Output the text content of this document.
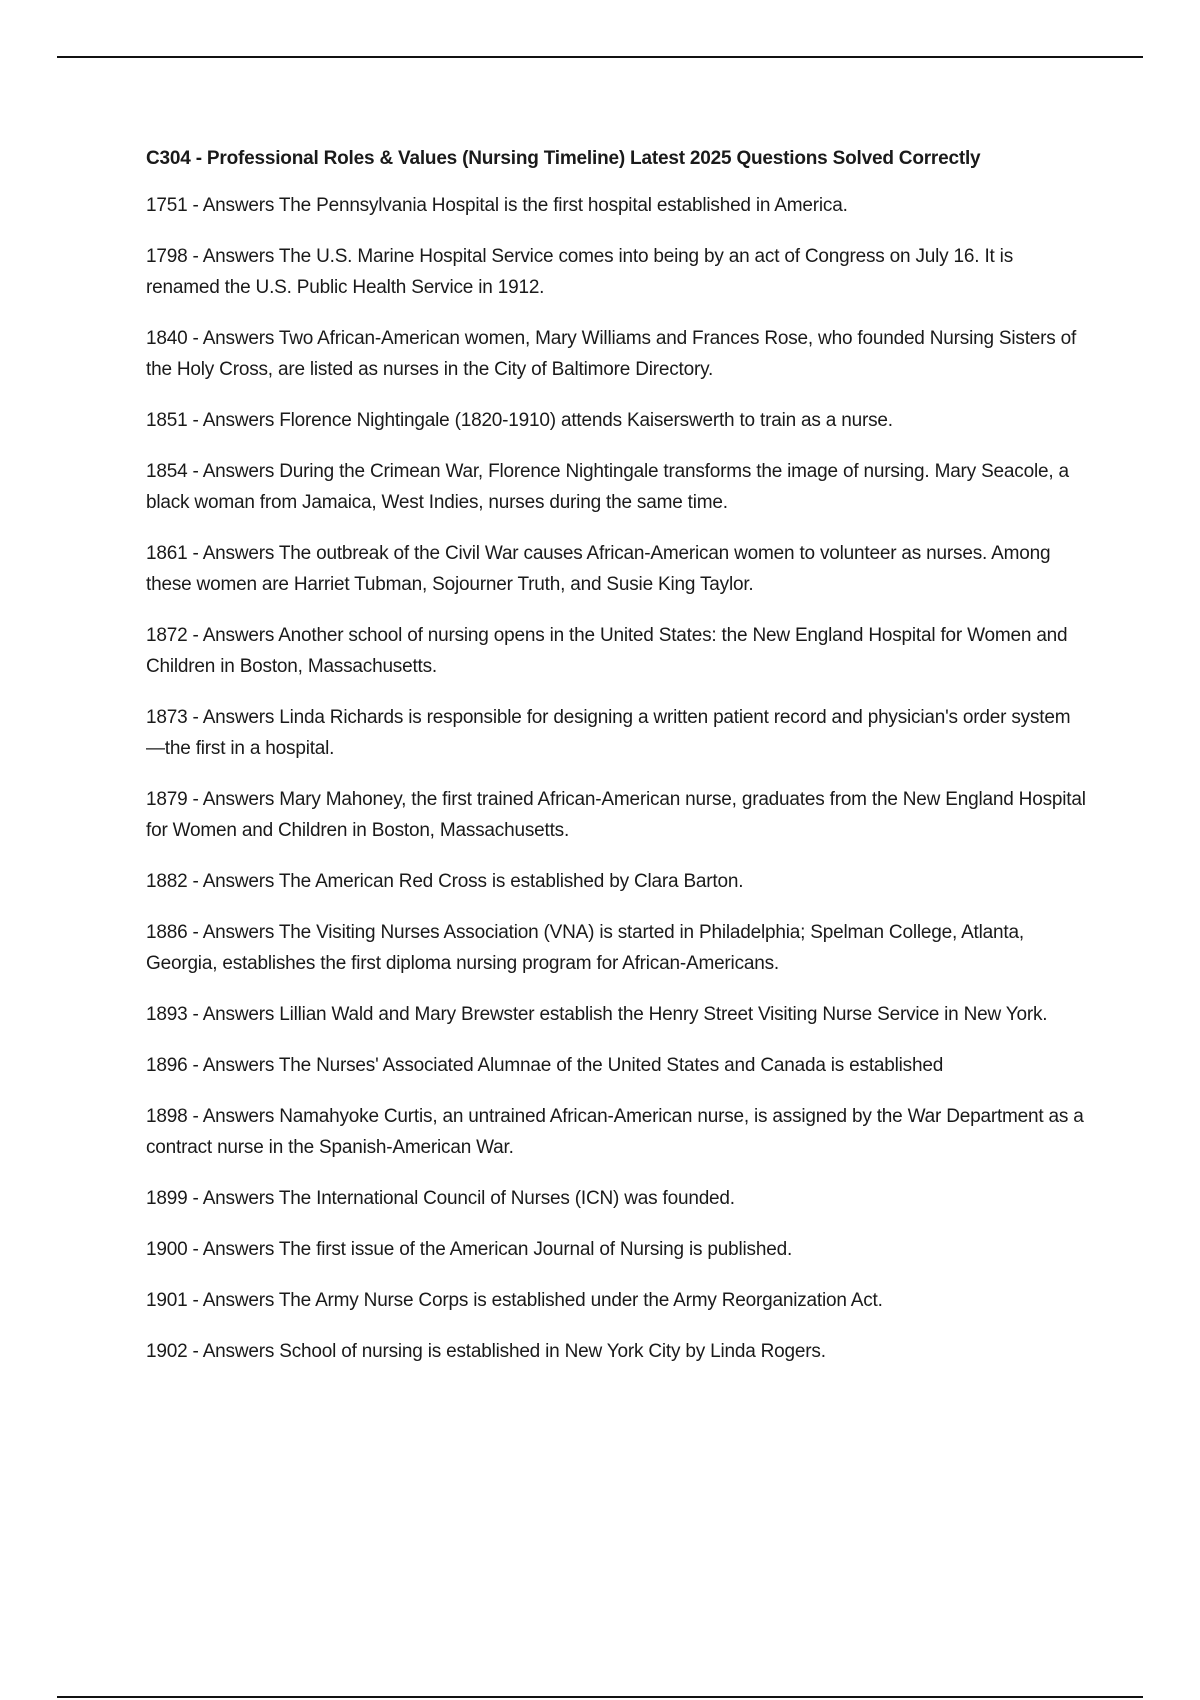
C304 - Professional Roles & Values (Nursing Timeline) Latest 2025 Questions Solved Correctly
1751 - Answers The Pennsylvania Hospital is the first hospital established in America.
1798 - Answers The U.S. Marine Hospital Service comes into being by an act of Congress on July 16. It is renamed the U.S. Public Health Service in 1912.
1840 - Answers Two African-American women, Mary Williams and Frances Rose, who founded Nursing Sisters of the Holy Cross, are listed as nurses in the City of Baltimore Directory.
1851 - Answers Florence Nightingale (1820-1910) attends Kaiserswerth to train as a nurse.
1854 - Answers During the Crimean War, Florence Nightingale transforms the image of nursing. Mary Seacole, a black woman from Jamaica, West Indies, nurses during the same time.
1861 - Answers The outbreak of the Civil War causes African-American women to volunteer as nurses. Among these women are Harriet Tubman, Sojourner Truth, and Susie King Taylor.
1872 - Answers Another school of nursing opens in the United States: the New England Hospital for Women and Children in Boston, Massachusetts.
1873 - Answers Linda Richards is responsible for designing a written patient record and physician's order system—the first in a hospital.
1879 - Answers Mary Mahoney, the first trained African-American nurse, graduates from the New England Hospital for Women and Children in Boston, Massachusetts.
1882 - Answers The American Red Cross is established by Clara Barton.
1886 - Answers The Visiting Nurses Association (VNA) is started in Philadelphia; Spelman College, Atlanta, Georgia, establishes the first diploma nursing program for African-Americans.
1893 - Answers Lillian Wald and Mary Brewster establish the Henry Street Visiting Nurse Service in New York.
1896 - Answers The Nurses' Associated Alumnae of the United States and Canada is established
1898 - Answers Namahyoke Curtis, an untrained African-American nurse, is assigned by the War Department as a contract nurse in the Spanish-American War.
1899 - Answers The International Council of Nurses (ICN) was founded.
1900 - Answers The first issue of the American Journal of Nursing is published.
1901 - Answers The Army Nurse Corps is established under the Army Reorganization Act.
1902 - Answers School of nursing is established in New York City by Linda Rogers.
